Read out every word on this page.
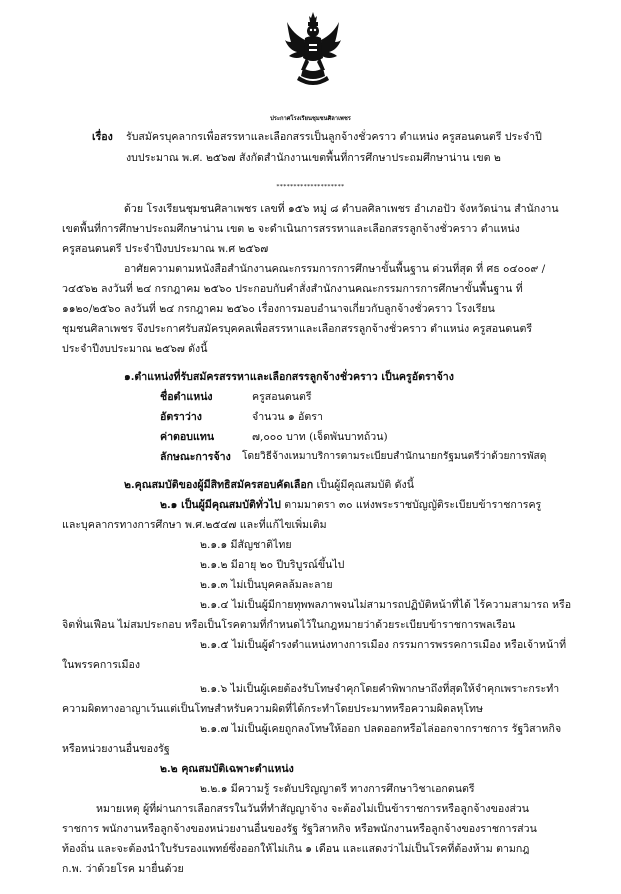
ประกาศโรงเรียนชุมชนศิลาเพชร
เรื่อง รับสมัครบุคลากรเพื่อสรรหาและเลือกสรรเป็นลูกจ้างชั่วคราว ตำแหน่ง ครูสอนดนตรี ประจำปี
งบประมาณ พ.ศ. ๒๕๖๗ สังกัดสำนักงานเขตพื้นที่การศึกษาประถมศึกษาน่าน เขต ๒
********************
ด้วย โรงเรียนชุมชนศิลาเพชร เลขที่ ๑๕๖ หมู่ ๘ ตำบลศิลาเพชร อำเภอปัว จังหวัดน่าน สำนักงาน
เขตพื้นที่การศึกษาประถมศึกษาน่าน เขต ๒ จะดำเนินการสรรหาและเลือกสรรลูกจ้างชั่วคราว ตำแหน่ง
ครูสอนดนตรี ประจำปีงบประมาณ พ.ศ ๒๕๖๗
อาศัยความตามหนังสือสำนักงานคณะกรรมการการศึกษาขั้นพื้นฐาน ด่วนที่สุด ที่ ศธ ๐๔๐๐๙ /
ว๔๕๖๒ ลงวันที่ ๒๔ กรกฎาคม ๒๕๖๐ ประกอบกับคำสั่งสำนักงานคณะกรรมการการศึกษาขั้นพื้นฐาน ที่
๑๑๒๐/๒๕๖๐ ลงวันที่ ๒๔ กรกฎาคม ๒๕๖๐ เรื่องการมอบอำนาจเกี่ยวกับลูกจ้างชั่วคราว โรงเรียน
ชุมชนศิลาเพชร จึงประกาศรับสมัครบุคคลเพื่อสรรหาและเลือกสรรลูกจ้างชั่วคราว ตำแหน่ง ครูสอนดนตรี
ประจำปีงบประมาณ ๒๕๖๗ ดังนี้
๑.ตำแหน่งที่รับสมัครสรรหาและเลือกสรรลูกจ้างชั่วคราว เป็นครูอัตราจ้าง
ชื่อตำแหน่ง	ครูสอนดนตรี
อัตราว่าง	จำนวน ๑ อัตรา
ค่าตอบแทน	๗,๐๐๐ บาท (เจ็ดพันบาทถ้วน)
ลักษณะการจ้าง โดยวิธีจ้างเหมาบริการตามระเบียบสำนักนายกรัฐมนตรีว่าด้วยการพัสดุ
๒.คุณสมบัติของผู้มีสิทธิสมัครสอบคัดเลือก เป็นผู้มีคุณสมบัติ ดังนี้
๒.๑ เป็นผู้มีคุณสมบัติทั่วไป ตามมาตรา ๓๐ แห่งพระราชบัญญัติระเบียบข้าราชการครู
และบุคลากรทางการศึกษา พ.ศ.๒๕๔๗ และที่แก้ไขเพิ่มเติม
๒.๑.๑ มีสัญชาติไทย
๒.๑.๒ มีอายุ ๒๐ ปีบริบูรณ์ขึ้นไป
๒.๑.๓ ไม่เป็นบุคคลล้มละลาย
๒.๑.๔ ไม่เป็นผู้มีกายทุพพลภาพจนไม่สามารถปฏิบัติหน้าที่ได้ ไร้ความสามารถ หรือ
จิตฟั่นเฟือน ไม่สมประกอบ หรือเป็นโรคตามที่กำหนดไว้ในกฎหมายว่าด้วยระเบียบข้าราชการพลเรือน
๒.๑.๕ ไม่เป็นผู้ดำรงตำแหน่งทางการเมือง กรรมการพรรคการเมือง หรือเจ้าหน้าที่
ในพรรคการเมือง
๒.๑.๖ ไม่เป็นผู้เคยต้องรับโทษจำคุกโดยคำพิพากษาถึงที่สุดให้จำคุกเพราะกระทำ
ความผิดทางอาญาเว้นแต่เป็นโทษสำหรับความผิดที่ได้กระทำโดยประมาทหรือความผิดลหุโทษ
๒.๑.๗ ไม่เป็นผู้เคยถูกลงโทษให้ออก ปลดออกหรือไล่ออกจากราชการ รัฐวิสาหกิจ
หรือหน่วยงานอื่นของรัฐ
๒.๒ คุณสมบัติเฉพาะตำแหน่ง
๒.๒.๑ มีความรู้ ระดับปริญญาตรี ทางการศึกษาวิชาเอกดนตรี
หมายเหตุ ผู้ที่ผ่านการเลือกสรรในวันที่ทำสัญญาจ้าง จะต้องไม่เป็นข้าราชการหรือลูกจ้างของส่วน
ราชการ พนักงานหรือลูกจ้างของหน่วยงานอื่นของรัฐ รัฐวิสาหกิจ หรือพนักงานหรือลูกจ้างของราชการส่วน
ท้องถิ่น และจะต้องนำใบรับรองแพทย์ซึ่งออกให้ไม่เกิน ๑ เดือน และแสดงว่าไม่เป็นโรคที่ต้องห้าม ตามกฎ
ก.พ. ว่าด้วยโรค มายื่นด้วย
